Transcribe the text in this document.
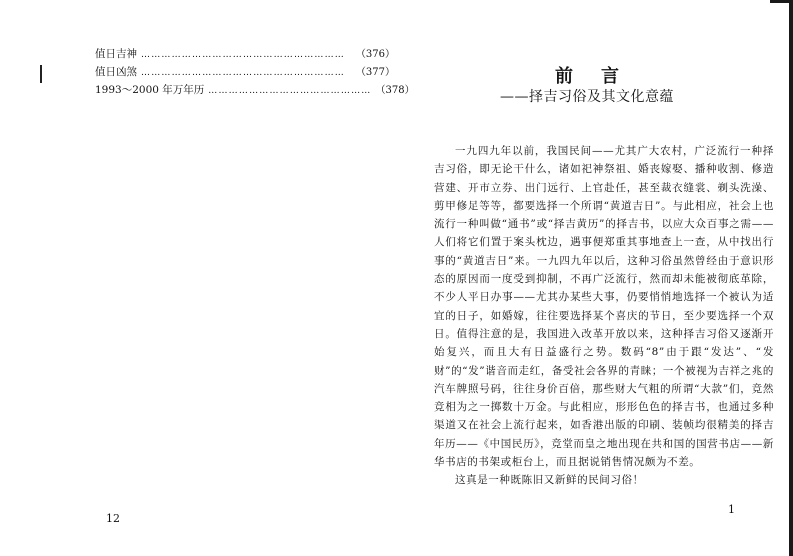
值日吉神 ……………………………………………………	（376）
值日凶煞 ……………………………………………………	（377）
1993～2000 年万年历 ………………………………………… （378）
12
前言
——择吉习俗及其文化意蕴

一九四九年以前，我国民间——尤其广大农村，广泛流行一种择吉习俗，即无论干什么，诸如祀神祭祖、婚丧嫁娶、播种收割、修造营建、开市立券、出门远行、上官赴任，甚至裁衣缝裳、剃头洗澡、剪甲修足等等，都要选择一个所谓“黄道吉日”。与此相应，社会上也流行一种叫做“通书”或“择吉黄历”的择吉书，以应大众百事之需——人们将它们置于案头枕边，遇事便郑重其事地查上一查，从中找出行事的“黄道吉日”来。一九四九年以后，这种习俗虽然曾经由于意识形态的原因而一度受到抑制，不再广泛流行，然而却未能被彻底革除，不少人平日办事——尤其办某些大事，仍要悄悄地选择一个被认为适宜的日子，如婚嫁，往往要选择某个喜庆的节日，至少要选择一个双日。值得注意的是，我国进入改革开放以来，这种择吉习俗又逐渐开始复兴，而且大有日益盛行之势。数码“8”由于跟“发达”、“发财”的“发”谐音而走红，备受社会各界的青睐；一个被视为吉祥之兆的汽车牌照号码，往往身价百倍，那些财大气粗的所谓“大款”们，竞然竞相为之一掷数十万金。与此相应，形形色色的择吉书，也通过多种渠道又在社会上流行起来，如香港出版的印刷、装帧均很精美的择吉年历——《中国民历》，竞堂而皇之地出现在共和国的国营书店——新华书店的书架或柜台上，而且据说销售情况颇为不差。

这真是一种既陈旧又新鲜的民间习俗！

1
